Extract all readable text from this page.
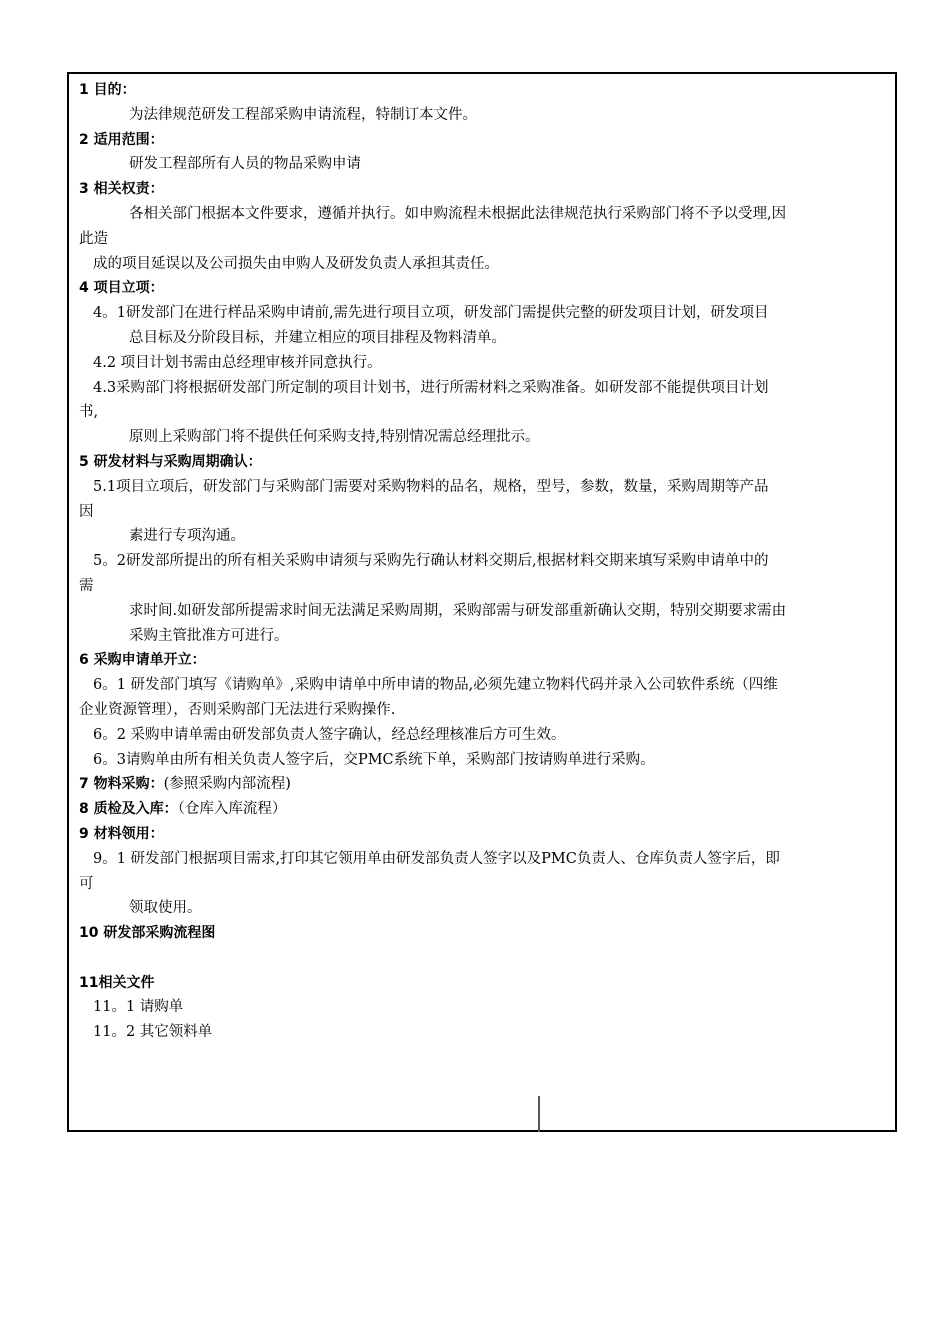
1 目的：
为法律规范研发工程部采购申请流程，特制订本文件。
2 适用范围：
研发工程部所有人员的物品采购申请
3 相关权责：
各相关部门根据本文件要求，遵循并执行。如申购流程未根据此法律规范执行采购部门将不予以受理,因
此造
成的项目延误以及公司损失由申购人及研发负责人承担其责任。
4 项目立项：
4。1研发部门在进行样品采购申请前,需先进行项目立项，研发部门需提供完整的研发项目计划，研发项目
总目标及分阶段目标，并建立相应的项目排程及物料清单。
4.2 项目计划书需由总经理审核并同意执行。
4.3采购部门将根据研发部门所定制的项目计划书，进行所需材料之采购准备。如研发部不能提供项目计划
书,
原则上采购部门将不提供任何采购支持,特别情况需总经理批示。
5 研发材料与采购周期确认：
5.1项目立项后，研发部门与采购部门需要对采购物料的品名，规格，型号，参数，数量，采购周期等产品
因
素进行专项沟通。
5。2研发部所提出的所有相关采购申请须与采购先行确认材料交期后,根据材料交期来填写采购申请单中的
需
求时间.如研发部所提需求时间无法满足采购周期，采购部需与研发部重新确认交期，特别交期要求需由
采购主管批准方可进行。
6 采购申请单开立：
6。1 研发部门填写《请购单》,采购申请单中所申请的物品,必须先建立物料代码并录入公司软件系统（四维
企业资源管理），否则采购部门无法进行采购操作.
6。2 采购申请单需由研发部负责人签字确认，经总经理核准后方可生效。
6。3请购单由所有相关负责人签字后，交PMC系统下单，采购部门按请购单进行采购。
7 物料采购：(参照采购内部流程)
8 质检及入库：（仓库入库流程）
9 材料领用：
9。1 研发部门根据项目需求,打印其它领用单由研发部负责人签字以及PMC负责人、仓库负责人签字后，即
可
领取使用。
10 研发部采购流程图
11相关文件
11。1 请购单
11。2 其它领料单
